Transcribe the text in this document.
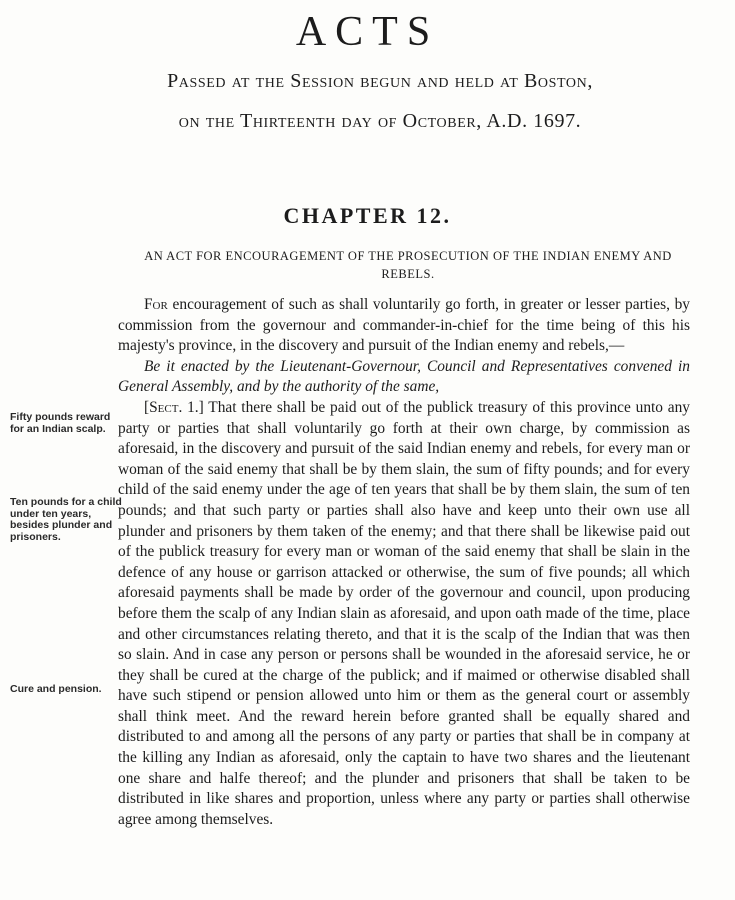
ACTS

Passed at the Session begun and held at Boston,

on the Thirteenth day of October, A.D. 1697.

CHAPTER 12.

AN ACT FOR ENCOURAGEMENT OF THE PROSECUTION OF THE INDIAN ENEMY AND REBELS.

Fifty pounds reward for an Indian scalp.

Ten pounds for a child under ten years, besides plunder and prisoners.

Cure and pension.

For encouragement of such as shall voluntarily go forth, in greater or lesser parties, by commission from the governour and commander-in-chief for the time being of this his majesty's province, in the discovery and pursuit of the Indian enemy and rebels,—

Be it enacted by the Lieutenant-Governour, Council and Representatives convened in General Assembly, and by the authority of the same,

[Sect. 1.] That there shall be paid out of the publick treasury of this province unto any party or parties that shall voluntarily go forth at their own charge, by commission as aforesaid, in the discovery and pursuit of the said Indian enemy and rebels, for every man or woman of the said enemy that shall be by them slain, the sum of fifty pounds; and for every child of the said enemy under the age of ten years that shall be by them slain, the sum of ten pounds; and that such party or parties shall also have and keep unto their own use all plunder and prisoners by them taken of the enemy; and that there shall be likewise paid out of the publick treasury for every man or woman of the said enemy that shall be slain in the defence of any house or garrison attacked or otherwise, the sum of five pounds; all which aforesaid payments shall be made by order of the governour and council, upon producing before them the scalp of any Indian slain as aforesaid, and upon oath made of the time, place and other circumstances relating thereto, and that it is the scalp of the Indian that was then so slain. And in case any person or persons shall be wounded in the aforesaid service, he or they shall be cured at the charge of the publick; and if maimed or otherwise disabled shall have such stipend or pension allowed unto him or them as the general court or assembly shall think meet. And the reward herein before granted shall be equally shared and distributed to and among all the persons of any party or parties that shall be in company at the killing any Indian as aforesaid, only the captain to have two shares and the lieutenant one share and halfe thereof; and the plunder and prisoners that shall be taken to be distributed in like shares and proportion, unless where any party or parties shall otherwise agree among themselves.
